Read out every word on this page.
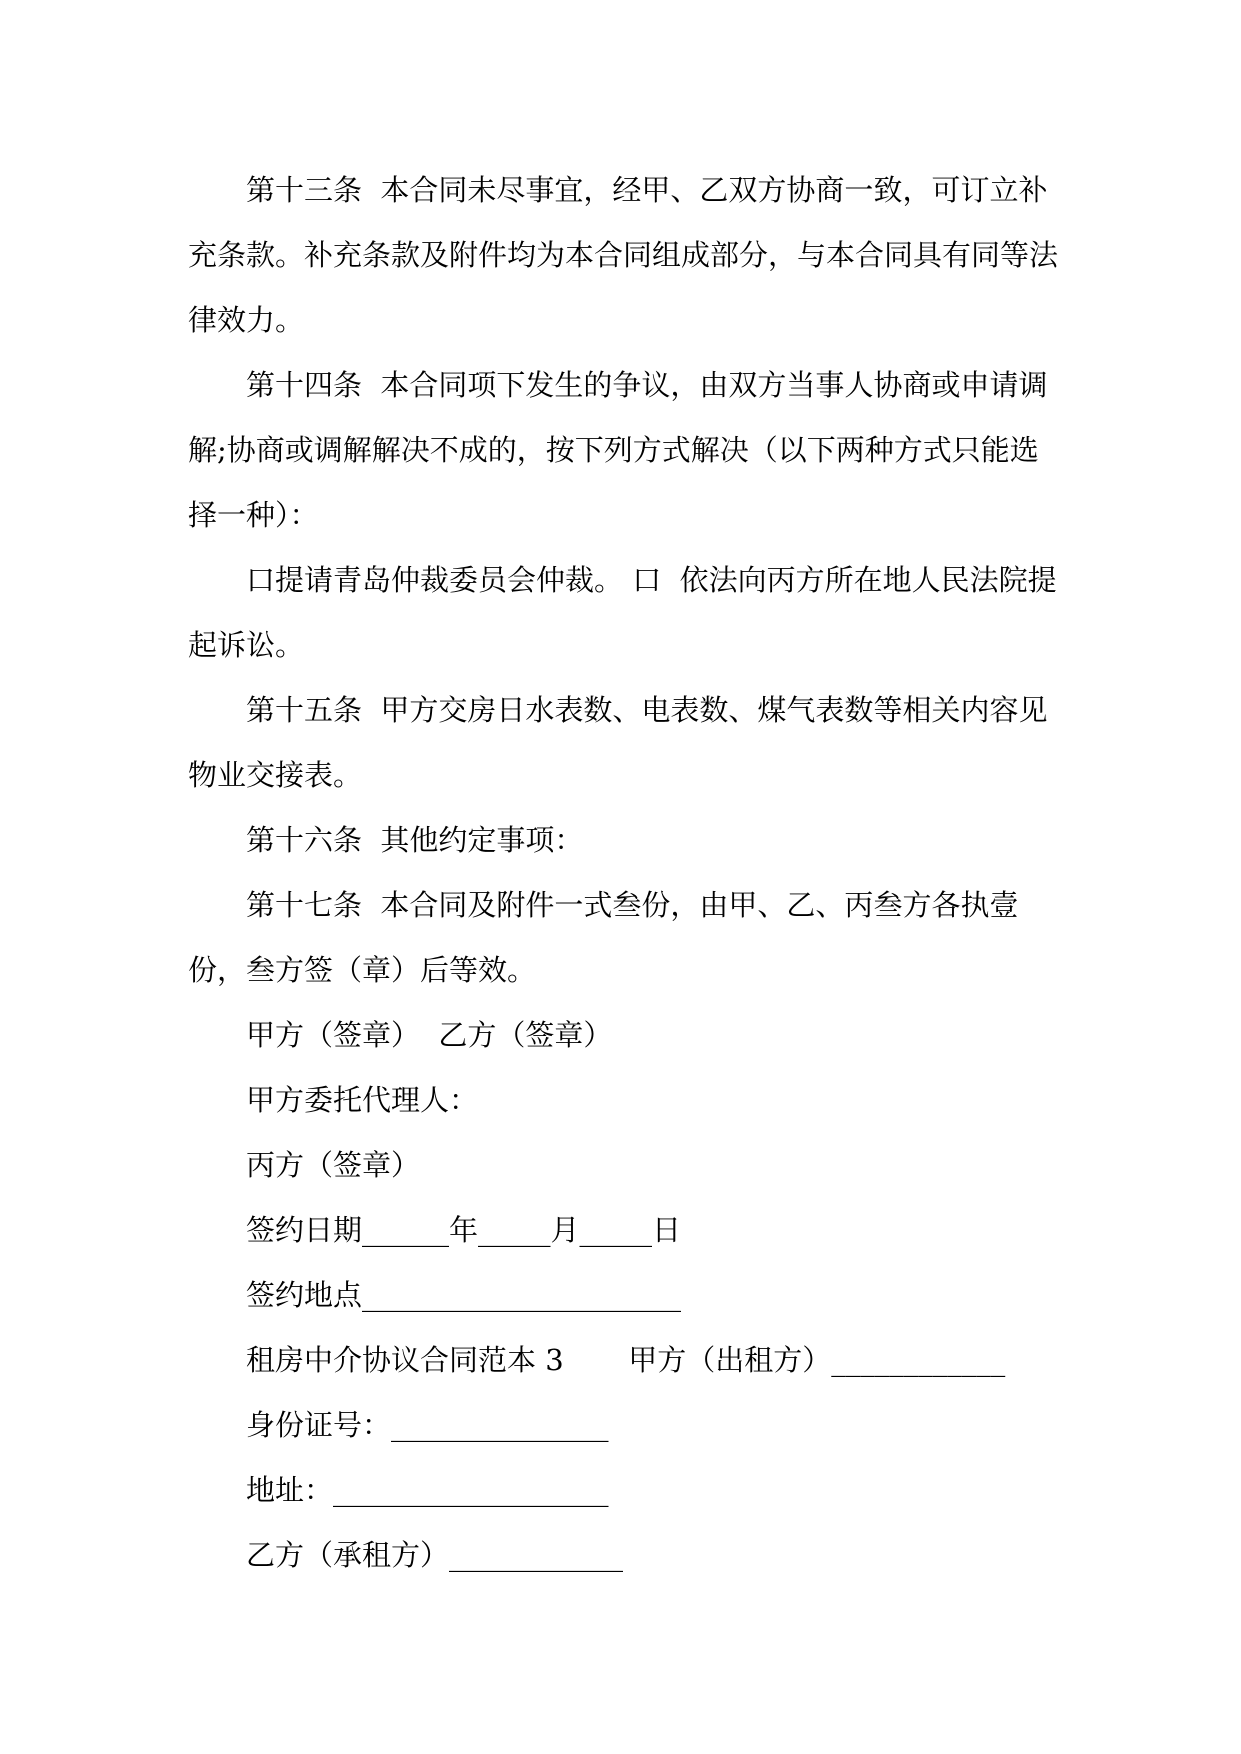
第十三条  本合同未尽事宜，经甲、乙双方协商一致，可订立补充条款。补充条款及附件均为本合同组成部分，与本合同具有同等法律效力。

第十四条  本合同项下发生的争议，由双方当事人协商或申请调解;协商或调解解决不成的，按下列方式解决（以下两种方式只能选择一种）：

口提请青岛仲裁委员会仲裁。 口  依法向丙方所在地人民法院提起诉讼。

第十五条  甲方交房日水表数、电表数、煤气表数等相关内容见物业交接表。

第十六条  其他约定事项：

第十七条  本合同及附件一式叁份，由甲、乙、丙叁方各执壹份，叁方签（章）后等效。

甲方（签章）  乙方（签章）

甲方委托代理人：

丙方（签章）

签约日期______年_____月_____日

签约地点______________________

租房中介协议合同范本 3       甲方（出租方）____________

身份证号：_______________

地址：___________________

乙方（承租方）____________
